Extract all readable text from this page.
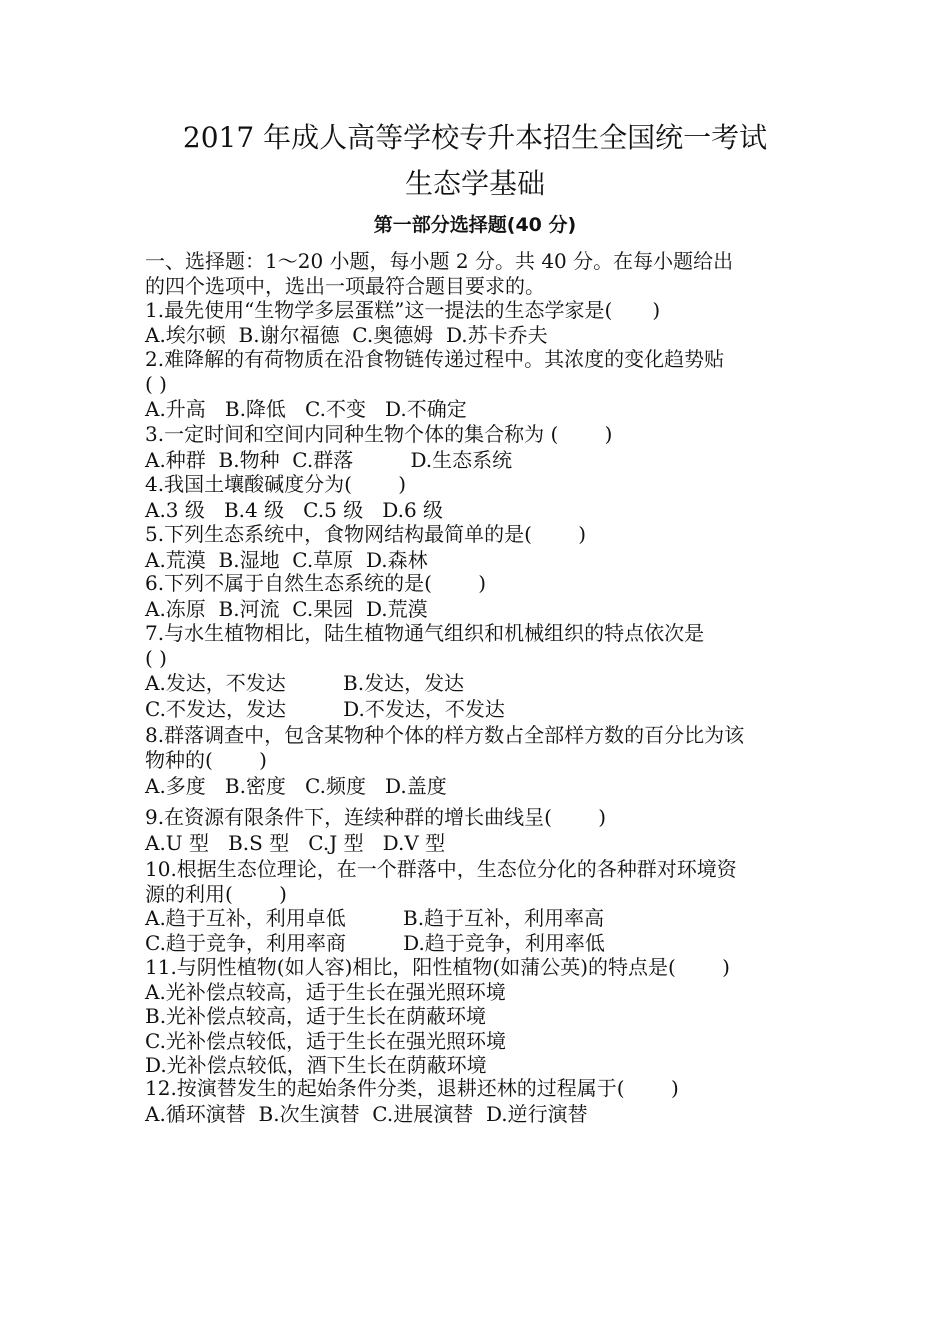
2017 年成人高等学校专升本招生全国统一考试
生态学基础
第一部分选择题(40 分)
一、选择题：1～20 小题，每小题 2 分。共 40 分。在每小题给出
的四个选项中，选出一项最符合题目要求的。
1.最先使用“生物学多层蛋糕”这一提法的生态学家是(　　)
A.埃尔顿  B.谢尔福德  C.奥德姆  D.苏卡乔夫
2.难降解的有荷物质在沿食物链传递过程中。其浓度的变化趋势贴
( )
A.升高   B.降低   C.不变   D.不确定
3.一定时间和空间内同种生物个体的集合称为 (　　 )
A.种群  B.物种  C.群落         D.生态系统
4.我国土壤酸碱度分为(　　 )
A.3 级   B.4 级   C.5 级   D.6 级
5.下列生态系统中，食物网结构最简单的是(　　 )
A.荒漠  B.湿地  C.草原  D.森林
6.下列不属于自然生态系统的是(　　 )
A.冻原  B.河流  C.果园  D.荒漠
7.与水生植物相比，陆生植物通气组织和机械组织的特点依次是
( )
A.发达，不发达         B.发达，发达
C.不发达，发达         D.不发达，不发达
8.群落调查中，包含某物种个体的样方数占全部样方数的百分比为该
物种的(　　 )
A.多度   B.密度   C.频度   D.盖度
9.在资源有限条件下，连续种群的增长曲线呈(　　 )
A.U 型   B.S 型   C.J 型   D.V 型
10.根据生态位理论，在一个群落中，生态位分化的各种群对环境资
源的利用(　　 )
A.趋于互补，利用卓低         B.趋于互补，利用率高
C.趋于竞争，利用率商         D.趋于竞争，利用率低
11.与阴性植物(如人容)相比，阳性植物(如蒲公英)的特点是(　　 )
A.光补偿点较高，适于生长在强光照环境
B.光补偿点较高，适于生长在荫蔽环境
C.光补偿点较低，适于生长在强光照环境
D.光补偿点较低，酒下生长在荫蔽环境
12.按演替发生的起始条件分类，退耕还林的过程属于(　　 )
A.循环演替  B.次生演替  C.进展演替  D.逆行演替
